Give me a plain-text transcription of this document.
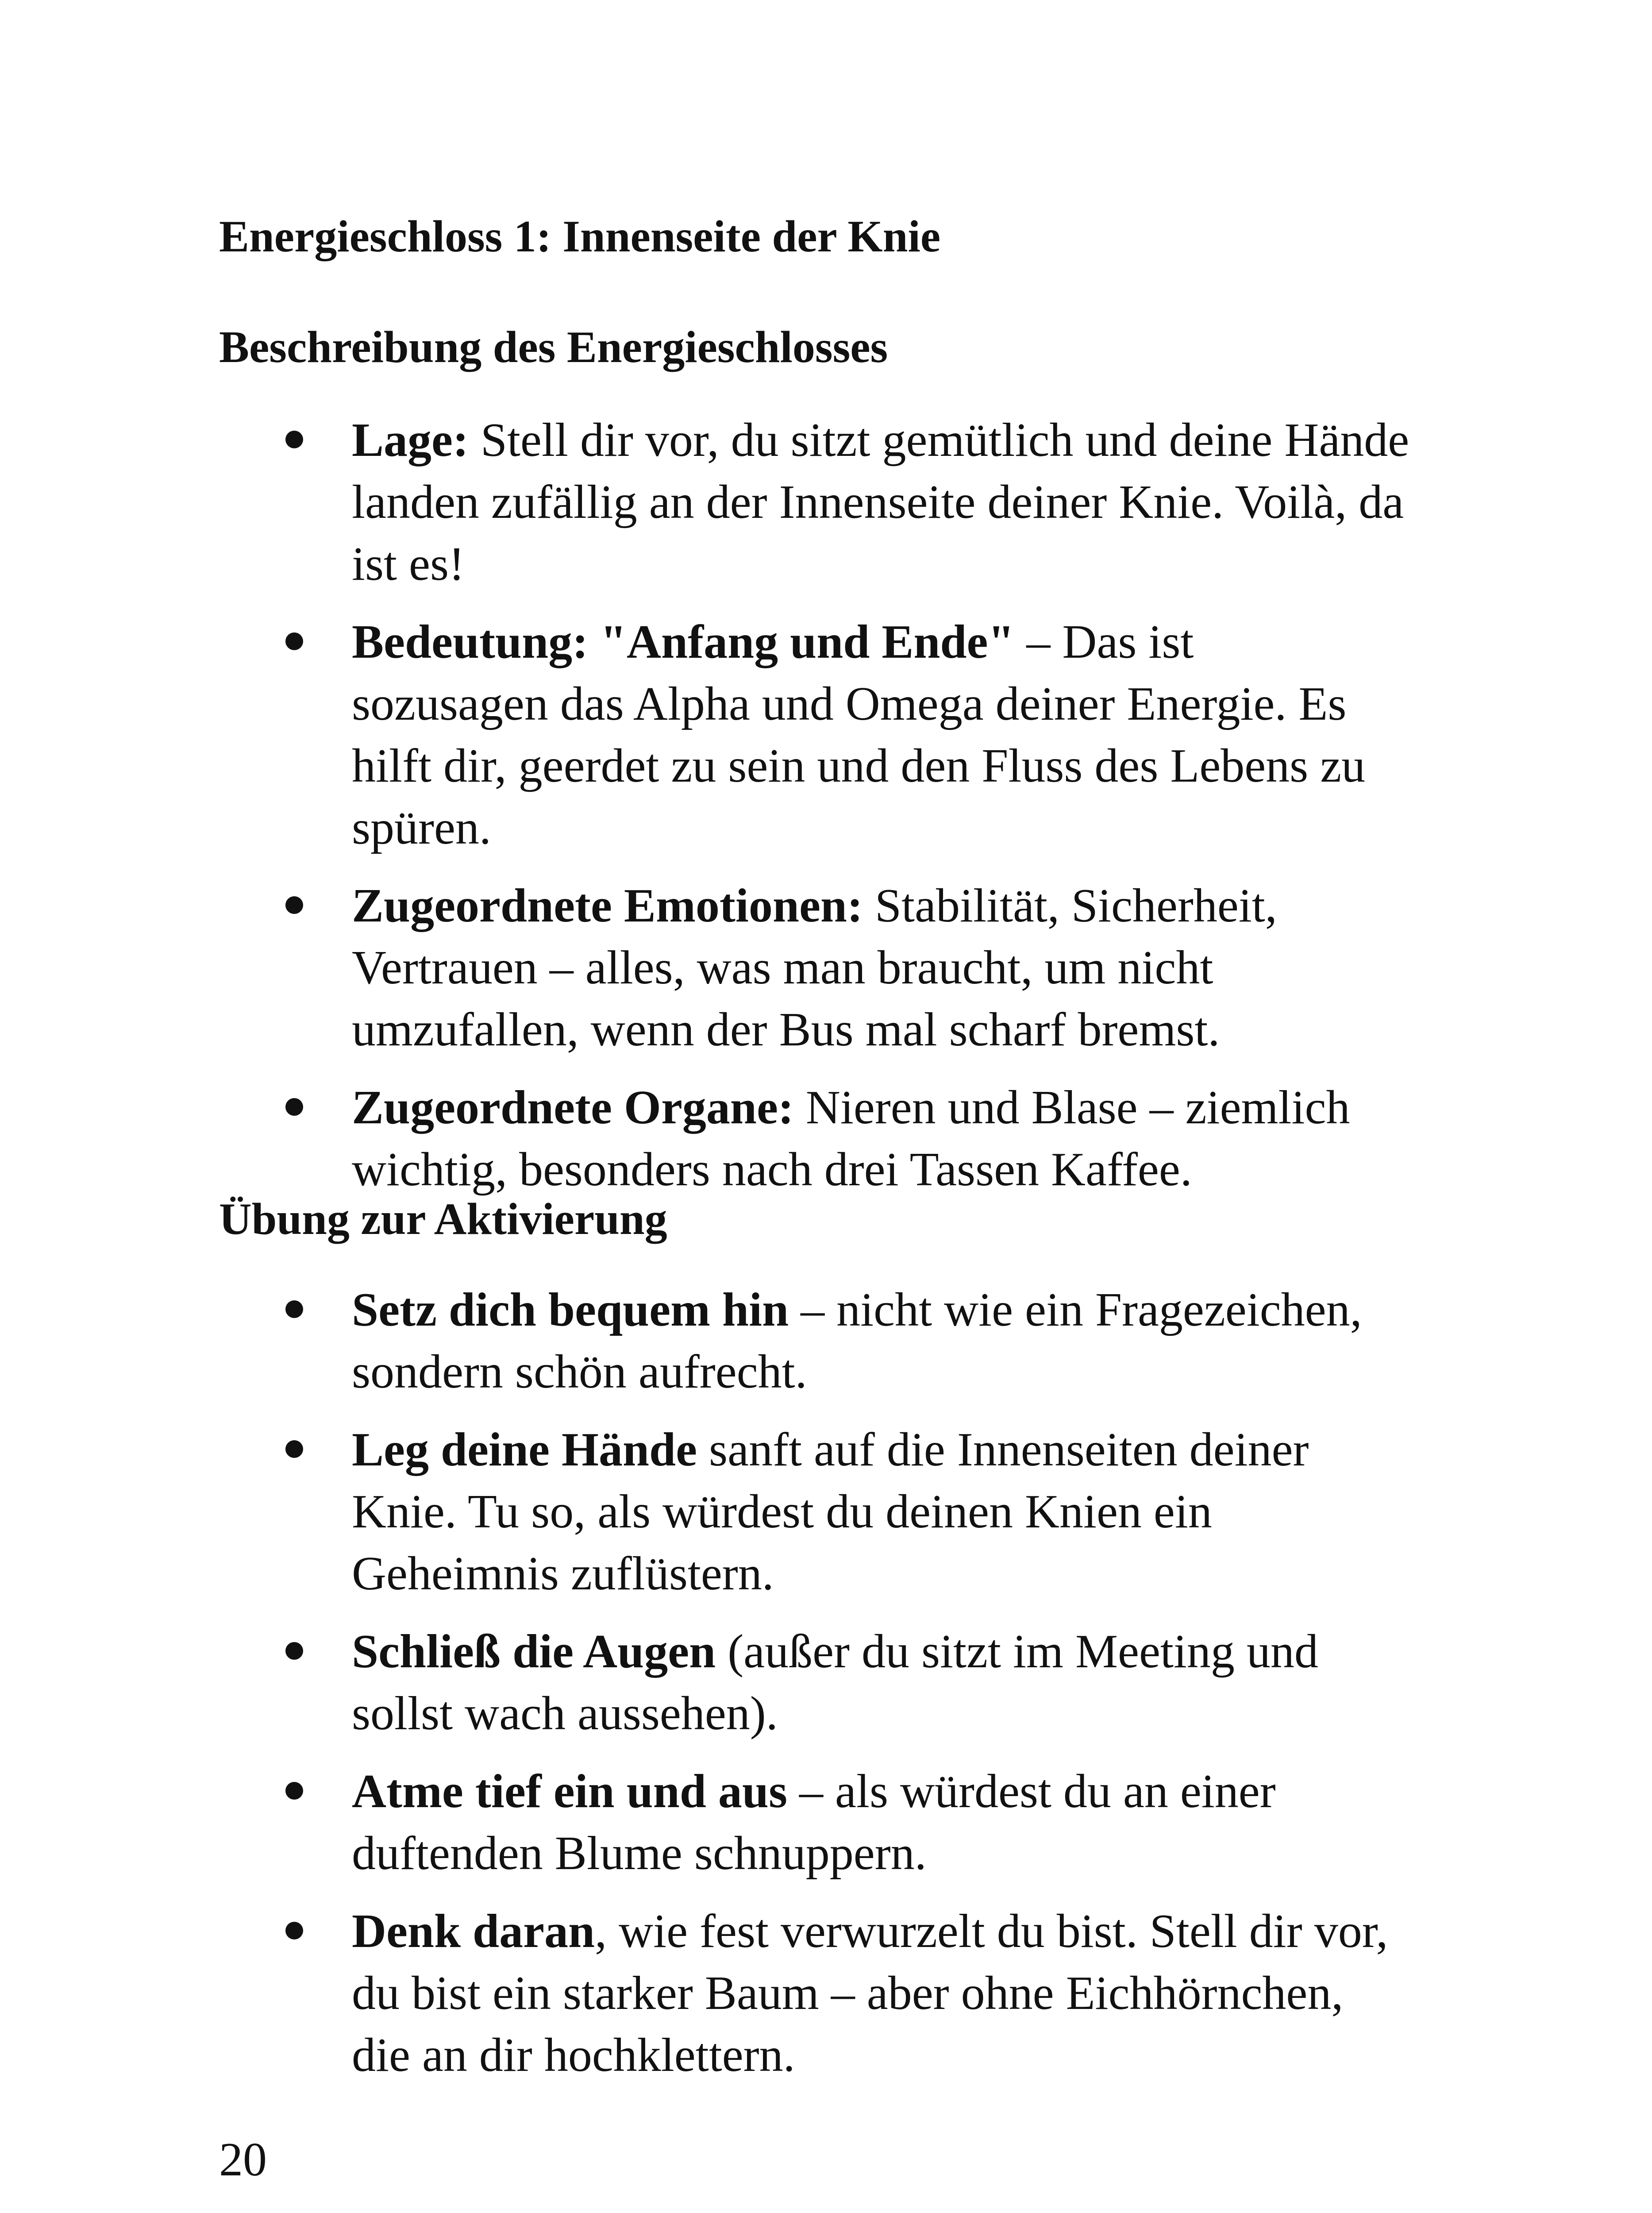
Energieschloss 1: Innenseite der Knie
Beschreibung des Energieschlosses
Lage: Stell dir vor, du sitzt gemütlich und deine Hände
landen zufällig an der Innenseite deiner Knie. Voilà, da
ist es!
Bedeutung: "Anfang und Ende" – Das ist
sozusagen das Alpha und Omega deiner Energie. Es
hilft dir, geerdet zu sein und den Fluss des Lebens zu
spüren.
Zugeordnete Emotionen: Stabilität, Sicherheit,
Vertrauen – alles, was man braucht, um nicht
umzufallen, wenn der Bus mal scharf bremst.
Zugeordnete Organe: Nieren und Blase – ziemlich
wichtig, besonders nach drei Tassen Kaffee.
Übung zur Aktivierung
Setz dich bequem hin – nicht wie ein Fragezeichen,
sondern schön aufrecht.
Leg deine Hände sanft auf die Innenseiten deiner
Knie. Tu so, als würdest du deinen Knien ein
Geheimnis zuflüstern.
Schließ die Augen (außer du sitzt im Meeting und
sollst wach aussehen).
Atme tief ein und aus – als würdest du an einer
duftenden Blume schnuppern.
Denk daran, wie fest verwurzelt du bist. Stell dir vor,
du bist ein starker Baum – aber ohne Eichhörnchen,
die an dir hochklettern.
20
